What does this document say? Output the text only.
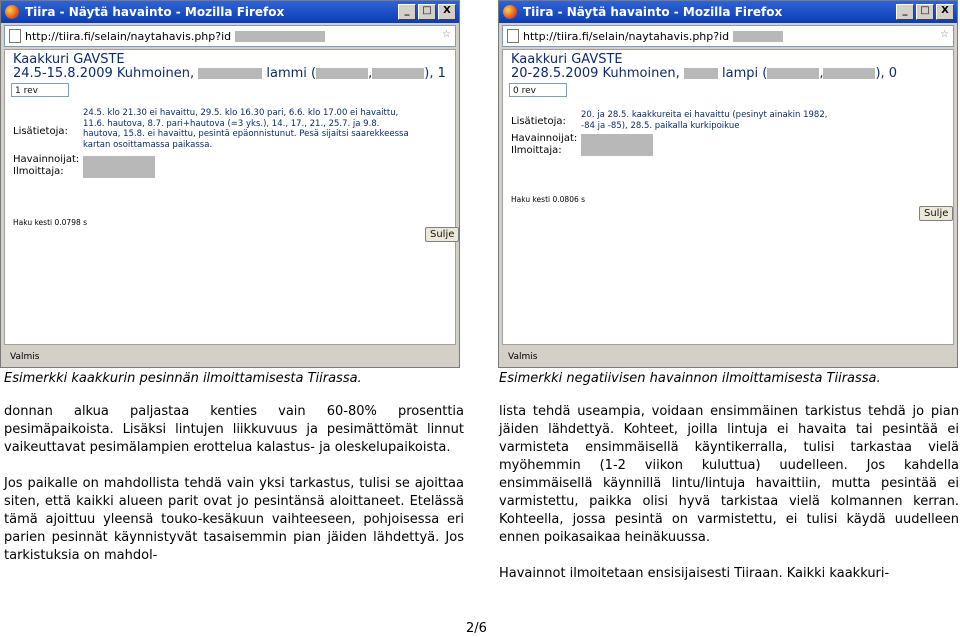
Tiira - Näytä havainto - Mozilla Firefox	_	□	X
http://tiira.fi/selain/naytahavis.php?id	☆
Kaakkuri GAVSTE
24.5-15.8.2009 Kuhmoinen,	lammi (	,	), 1
1 rev
Lisätietoja:
24.5. klo 21.30 ei havaittu, 29.5. klo 16.30 pari, 6.6. klo 17.00 ei havaittu, 11.6. hautova, 8.7. pari+hautova (=3 yks.), 14., 17., 21., 25.7. ja 9.8. hautova, 15.8. ei havaittu, pesintä epäonnistunut. Pesä sijaitsi saarekkeessa kartan osoittamassa paikassa.
Havainnoijat:
Ilmoittaja:
Haku kesti 0.0798 s
Sulje
Valmis
Tiira - Näytä havainto - Mozilla Firefox	_	□	X
http://tiira.fi/selain/naytahavis.php?id	☆
Kaakkuri GAVSTE
20-28.5.2009 Kuhmoinen,	lampi (	,	), 0
0 rev
Lisätietoja:
20. ja 28.5. kaakkureita ei havaittu (pesinyt ainakin 1982, -84 ja -85), 28.5. paikalla kurkipoikue
Havainnoijat:
Ilmoittaja:
Haku kesti 0.0806 s
Sulje
Valmis
Esimerkki kaakkurin pesinnän ilmoittamisesta Tiirassa.	Esimerkki negatiivisen havainnon ilmoittamisesta Tiirassa.

donnan alkua paljastaa kenties vain 60-80% prosenttia pesimäpaikoista. Lisäksi lintujen liikkuvuus ja pesimättömät linnut vaikeuttavat pesimälampien erottelua kalastus- ja oleskelupaikoista.

Jos paikalle on mahdollista tehdä vain yksi tarkastus, tulisi se ajoittaa siten, että kaikki alueen parit ovat jo pesintänsä aloittaneet. Etelässä tämä ajoittuu yleensä touko-kesäkuun vaihteeseen, pohjoisessa eri parien pesinnät käynnistyvät tasaisemmin pian jäiden lähdettyä. Jos tarkistuksia on mahdol-

lista tehdä useampia, voidaan ensimmäinen tarkistus tehdä jo pian jäiden lähdettyä. Kohteet, joilla lintuja ei havaita tai pesintää ei varmisteta ensimmäisellä käyntikerralla, tulisi tarkastaa vielä myöhemmin (1-2 viikon kuluttua) uudelleen. Jos kahdella ensimmäisellä käynnillä lintu/lintuja havaittiin, mutta pesintää ei varmistettu, paikka olisi hyvä tarkistaa vielä kolmannen kerran. Kohteella, jossa pesintä on varmistettu, ei tulisi käydä uudelleen ennen poikasaikaa heinäkuussa.

Havainnot ilmoitetaan ensisijaisesti Tiiraan. Kaikki kaakkuri-

2/6
